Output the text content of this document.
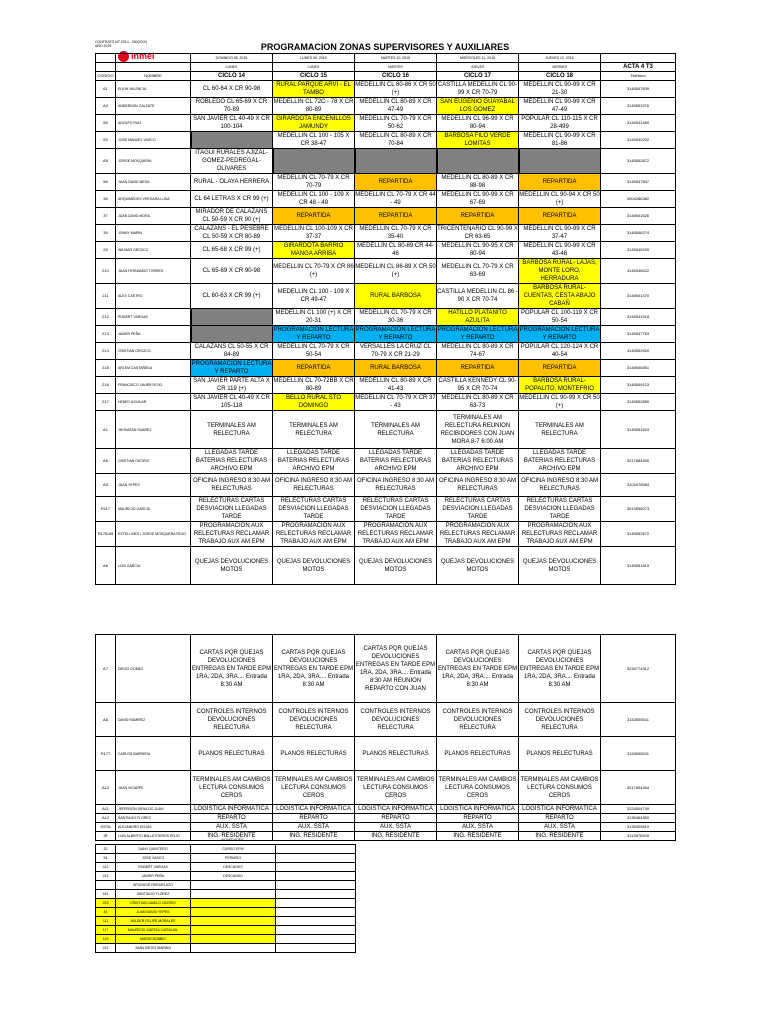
CONTRATO NT 2014 - 000(XXX)
AÑO 2015	PROGRAMACION ZONAS SUPERVISORES Y AUXILIARES
inmel
			DOMINGO 08, 2015	LUNES 09, 2015	MARTES 10, 2015	MIERCOLES 11, 2015	JUEVES 12, 2015	
		LUNES	LUNES	MARTES	JUEVES	VIERNES	ACTA 4 T3
CODIGO	NOMBRE	CICLO 14	CICLO 15	CICLO 16	CICLO 17	CICLO 18	Teléfono
61	ELKIN VALENCIA	CL 60-64 X CR 90-98	RURAL PARQUE ARVI - EL TAMBO	MEDELLIN CL 80-86 X CR 50 (+)	CASTILLA MEDELLIN CL 90-99 X CR 70-79	MEDELLIN CL 90-99 X CR 21-30	3145547839
A4	ANDERSON CALZATE	ROBLEDO CL 65-69 X CR 70-89	MEDELLIN CL 72C - 78 X CR 80-89	MEDELLIN CL 80-89 X CR 47-49	SAN EUGENIO GUAYABAL LOS GOMEZ	MEDELLIN CL 90-99 X CR 47-49	3145553376
59	ADOLFO RUIZ	SAN JAVIER CL 40-49 X CR 100-104	GIRARDOTA ENCENILLOS JAMUNDY	MEDELLIN CL 70-79 X CR 50-62	MEDELLIN CL 96-99 X CR 80-94	POPULAR CL 110-115 X CR 28-499	3145541460
55	JOSE MANUEL VASCO		MEDELLIN CL 100 - 105 X CR 38-47	MEDELLIN CL 80-89 X CR 70-84	BARBOSA FILO VERDE LOMITAS	MEDELLIN CL 90-99 X CR 81-86	3145540202
A5	JORGE MOSQUERA	ITAGUI RURALES AJIZAL-GOMEZ-PEDREGAL-OLIVARES					3145552672
56	JUAN DAVID MESA	RURAL - OLAYA HERRERA	MEDELLIN CL 70-79 X CR 70-79	REPARTIDA	MEDELLIN CL 80-89 X CR 88-98	REPARTIDA	3145547847
36	ARQUIMEDES VERGARA LUNA	CL 64 LETRAS X CR 99 (+)	MEDELLIN CL 100 - 109 X CR 48 - 49	MEDELLIN CL 70-79 X CR 44 - 49	MEDELLIN CL 90-99 X CR 67-69	MEDELLIN CL 90-94 X CR 50 (+)	3004286382
37	JUAN DAVID MORA	MIRADOR DE CALAZANS CL 50-59 X CR 90 (+)	REPARTIDA	REPARTIDA	REPARTIDA	REPARTIDA	3145541526
39	JONNY MARIN	CALAZANS - EL PESEBRE CL 50-59 X CR 80-89	MEDELLIN CL 100-109 X CR 37-37	MEDELLIN CL 70-79 X CR 35-40	TRICENTENARIO CL 90-99 X CR 63-65	MEDELLIN CL 90-99 X CR 37-47	3145546274
25	WILMAR OROZCO	CL 65-68 X CR 99 (+)	GIRARDOTA BARRIO MANGA ARRIBA	MEDELLIN CL 80-89 CR 44-46	MEDELLIN CL 90-95 X CR 80-94	MEDELLIN CL 90-99 X CR 43-46	3145545295
210	JUAN FERNANDO TORRES	CL 65-69 X CR 90-98	MEDELLIN CL 70-79 X CR 86 (+)	MEDELLIN CL 86-89 X CR 50 (+)	MEDELLIN CL 70-79 X CR 63-69	BARBOSA RURAL- LAJAS, MONTE LORO, HERRADURA	3145546522
211	ALEX CASTRO	CL 60-63 X CR 99 (+)	MEDELLIN CL 100 - 109 X CR 49-47	RURAL BARBOSA	CASTILLA MEDELLIN CL 86 - 90 X CR 70-74	BARBOSA RURAL- CUENTAS, CESTA ABAJO CABAÑ	3145541470
212	ROBERT VARGAS		MEDELLIN CL 100 (+) X CR 20-31	MEDELLIN CL 70-79 X CR 30-36	HATILLO PLATANITO AZULITA	POPULAR CL 100-119 X CR 50-54	3145541518
213	JAVIER PEÑA		PROGRAMACION LECTURA Y REPARTO	PROGRAMACION LECTURA Y REPARTO	PROGRAMACION LECTURA Y REPARTO	PROGRAMACION LECTURA Y REPARTO	3145547763
214	CRISTIAN OROZCO	CALAZANS CL 50-55 X CR 84-89	MEDELLIN CL 70-79 X CR 50-54	VERSALLES LA CRUZ CL 70-79 X CR 21-29	MEDELLIN CL 80-89 X CR 74-67	POPULAR CL 120-124 X CR 40-54	3145552920
215	ARLEM CASTAÑEDA	PROGRAMACION LECTURA Y REPARTO	REPARTIDA	RURAL BARBOSA	REPARTIDA	REPARTIDA	3145546551
216	FRANCISCO JAVIER ROJO	SAN JAVIER PARTE ALTA X CR 119 (+)	MEDELLIN CL 70-72BB X CR 80-89	MEDELLIN CL 80-89 X CR 41-43	CASTILLA KENNEDY CL 90-95 X CR 70-74	BARBOSA RURAL-POPALITO, MONTEFRIO	3145549123
217	HENRY AGUILAR	SAN JAVIER CL 40-49 X CR 105-118	BELLO RURAL STO DOMINGO	MEDELLIN CL 70-79 X CR 37 - 43	MEDELLIN CL 80-89 X CR 63-73	MEDELLIN CL 90-99 X CR 50 (+)	3145552890
A1	JHONATAN SUAREZ	TERMINALES AM RELECTURA	TERMINALES AM RELECTURA	TERMINALES AM RELECTURA	TERMINALES AM RELECTURA REUNION RECIBIDORES CON JUAN MORA 8-7 6:00 AM	TERMINALES AM RELECTURA	3145551624
A6	CRISTIAN OSORIO	LLEGADAS TARDE BATERIAS RELECTURAS ARCHIVO EPM	LLEGADAS TARDE BATERIAS RELECTURAS ARCHIVO EPM	LLEGADAS TARDE BATERIAS RELECTURAS ARCHIVO EPM	LLEGADAS TARDE BATERIAS RELECTURAS ARCHIVO EPM	LLEGADAS TARDE BATERIAS RELECTURAS ARCHIVO EPM	3217684490
A3	JUAN YEPES	OFICINA INGRESO 8:30 AM RELECTURAS	OFICINA INGRESO 8:30 AM RELECTURAS	OFICINA INGRESO 8:30 AM RELECTURAS	OFICINA INGRESO 8:30 AM RELECTURAS	OFICINA INGRESO 8:30 AM RELECTURAS	3104478984
R117	MAURICIO GARCIA	RELECTURAS CARTAS DESVIACION LLEGADAS TARDE	RELECTURAS CARTAS DESVIACION LLEGADAS TARDE	RELECTURAS CARTAS DESVIACION LLEGADAS TARDE	RELECTURAS CARTAS DESVIACION LLEGADAS TARDE	RELECTURAS CARTAS DESVIACION LLEGADAS TARDE	3013555073
R175/A5	ESTELLINES / JORGE MOSQUERA ROJO	PROGRAMACION AUX RELECTURAS RECLAMAR TRABAJO AUX AM EPM	PROGRAMACION AUX RELECTURAS RECLAMAR TRABAJO AUX AM EPM	PROGRAMACION AUX RELECTURAS RECLAMAR TRABAJO AUX AM EPM	PROGRAMACION AUX RELECTURAS RECLAMAR TRABAJO AUX AM EPM	PROGRAMACION AUX RELECTURAS RECLAMAR TRABAJO AUX AM EPM	3145552672
A6	LUIS GARCIA	QUEJAS DEVOLUCIONES MOTOS	QUEJAS DEVOLUCIONES MOTOS	QUEJAS DEVOLUCIONES MOTOS	QUEJAS DEVOLUCIONES MOTOS	QUEJAS DEVOLUCIONES MOTOS	3145551615
A7	DIEGO GOMEZ	CARTAS PQR QUEJAS DEVOLUCIONES ENTREGAS EN TARDE EPM 1RA, 2DA, 3RA.... Entrada 8:30 AM	CARTAS PQR QUEJAS DEVOLUCIONES ENTREGAS EN TARDE EPM 1RA, 2DA, 3RA.... Entrada 8:30 AM	CARTAS PQR QUEJAS DEVOLUCIONES ENTREGAS EN TARDE EPM 1RA, 2DA, 3RA.... Entrada 8:30 AM REUNION REPARTO CON JUAN	CARTAS PQR QUEJAS DEVOLUCIONES ENTREGAS EN TARDE EPM 1RA, 2DA, 3RA.... Entrada 8:30 AM	CARTAS PQR QUEJAS DEVOLUCIONES ENTREGAS EN TARDE EPM 1RA, 2DA, 3RA.... Entrada 8:30 AM	3234774312
A8	DAVID RAMIREZ	CONTROLES INTERNOS DEVOLUCIONES RELECTURA	CONTROLES INTERNOS DEVOLUCIONES RELECTURA	CONTROLES INTERNOS DEVOLUCIONES RELECTURA	CONTROLES INTERNOS DEVOLUCIONES RELECTURA	CONTROLES INTERNOS DEVOLUCIONES RELECTURA	3152655011
R177	CARLOS BARRERA	PLANOS RELECTURAS	PLANOS RELECTURAS	PLANOS RELECTURAS	PLANOS RELECTURAS	PLANOS RELECTURAS	3152655011
A10	JUAN VICARPE	TERMINALES AM CAMBIOS LECTURA CONSUMOS CEROS	TERMINALES AM CAMBIOS LECTURA CONSUMOS CEROS	TERMINALES AM CAMBIOS LECTURA CONSUMOS CEROS	TERMINALES AM CAMBIOS LECTURA CONSUMOS CEROS	TERMINALES AM CAMBIOS LECTURA CONSUMOS CEROS	3217654394
A11	JEFERSON GIRALDO JUAN	LOGÍSTICA INFORMÁTICA	LOGÍSTICA INFORMÁTICA	LOGÍSTICA INFORMÁTICA	LOGÍSTICA INFORMÁTICA	LOGÍSTICA INFORMÁTICA	3224504749
A12	SANTIAGO FLOREZ	REPARTO	REPARTO	REPARTO	REPARTO	REPARTO	3135464350
SSTA	ALEJANDRO ROJAS	AUX. SSTA	AUX. SSTA	AUX. SSTA	AUX. SSTA	AUX. SSTA	3135325619
IR	LUIS ALBERTO BALLESTEROS ROJO	ING. RESIDENTE	ING. RESIDENTE	ING. RESIDENTE	ING. RESIDENTE	ING. RESIDENTE	3113576309
NOVEDADES
32	DANY QUINTERO	CURSO EPM	
54	JOSE VASCO	PERMISO	
212	ROBERT VARGAS	DESCANSO	
213	JAVIER PEÑA	DESCANSO	
	SPONSOR REEMPLAZO		
181	SANTIAGO FLÓREZ		
223	CRISTIAN CAMILO OSORIO		
44	JUAN DAVID YEPES		
111	WILDER FELIPE MORALES		
117	MAURICIO GARCÍA CARVAJAL		
129	MARIO BOBBIO		
221	JUAN DIEGO MARINO		
